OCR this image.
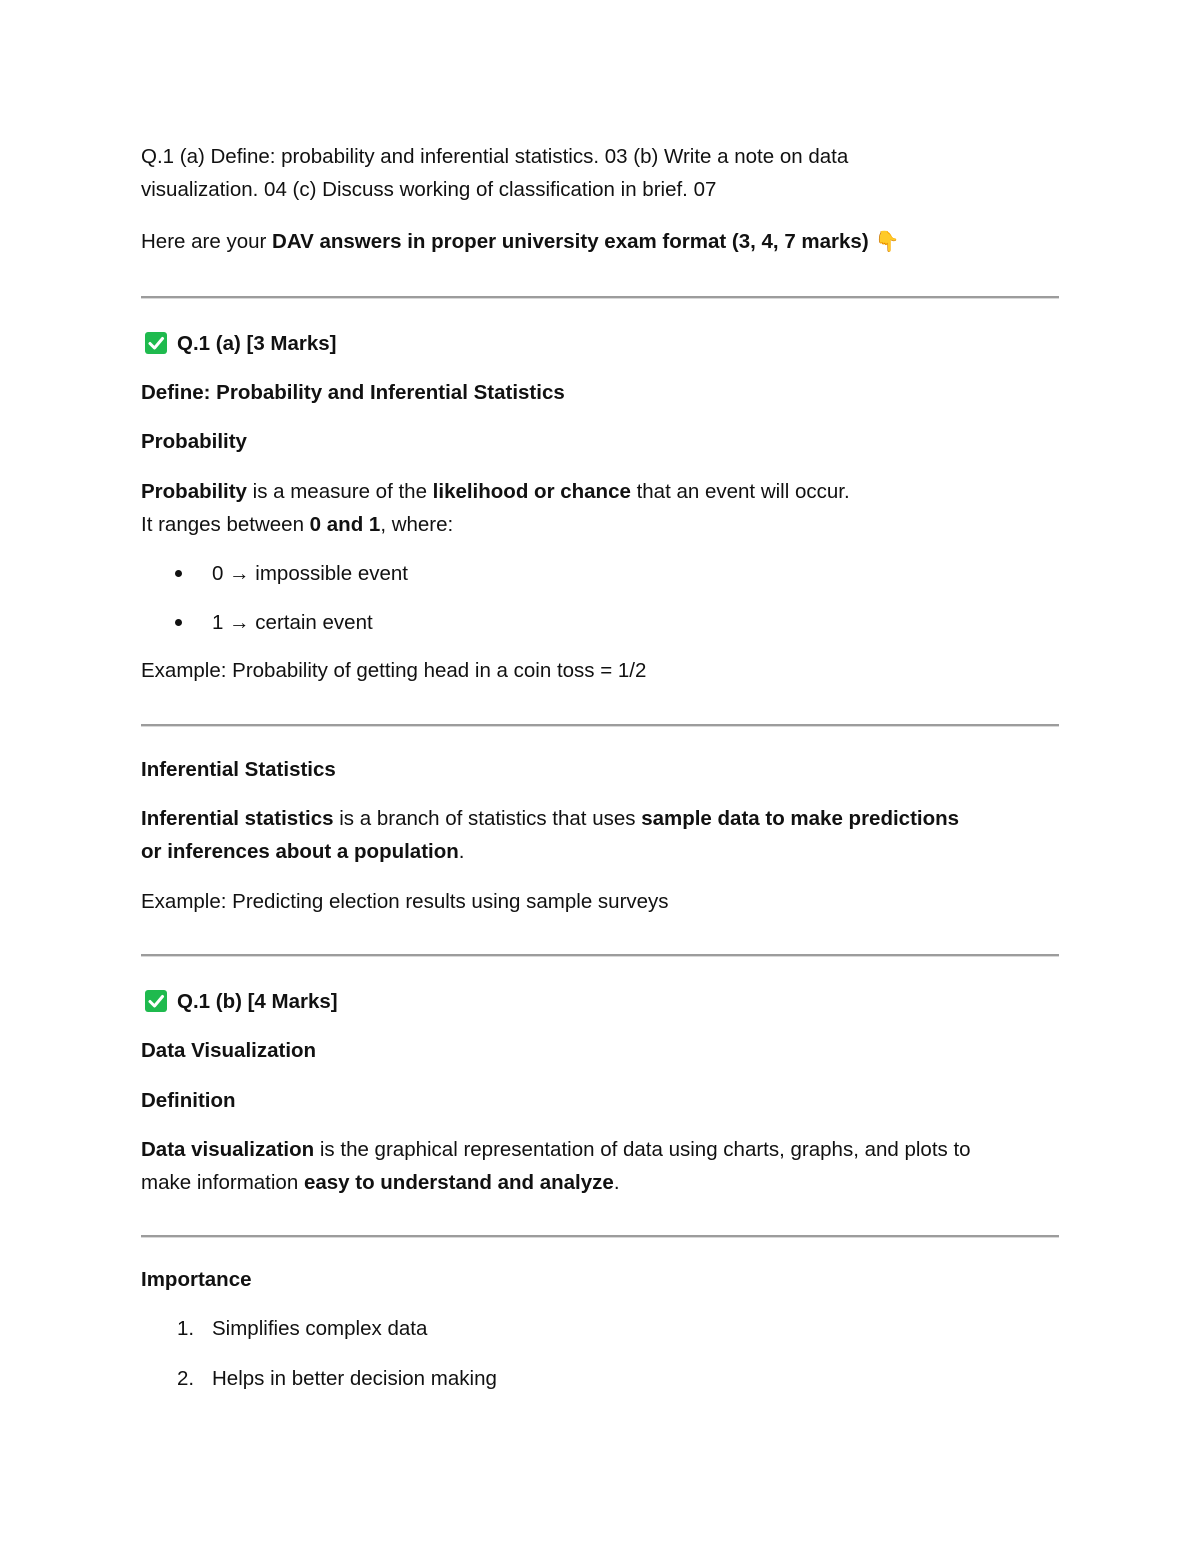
Q.1 (a) Define: probability and inferential statistics. 03 (b) Write a note on data
visualization. 04 (c) Discuss working of classification in brief. 07
Here are your DAV answers in proper university exam format (3, 4, 7 marks) 👇
Q.1 (a) [3 Marks]
Define: Probability and Inferential Statistics
Probability
Probability is a measure of the likelihood or chance that an event will occur.
It ranges between 0 and 1, where:
0 → impossible event
1 → certain event
Example: Probability of getting head in a coin toss = 1/2
Inferential Statistics
Inferential statistics is a branch of statistics that uses sample data to make predictions
or inferences about a population.
Example: Predicting election results using sample surveys
Q.1 (b) [4 Marks]
Data Visualization
Definition
Data visualization is the graphical representation of data using charts, graphs, and plots to
make information easy to understand and analyze.
Importance
1. Simplifies complex data
2. Helps in better decision making
